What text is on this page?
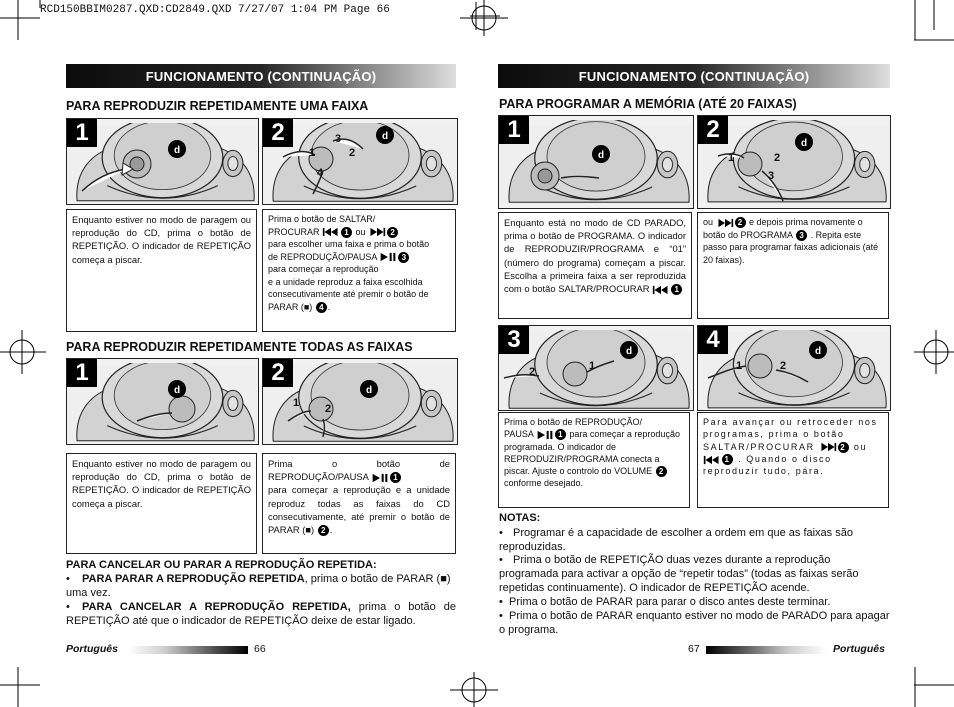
RCD150BBIM0287.QXD:CD2849.QXD 7/27/07 1:04 PM Page 66
FUNCIONAMENTO (CONTINUAÇÃO)
PARA REPRODUZIR REPETIDAMENTE UMA FAIXA
1
1	2
3
4
2
Enquanto estiver no modo de paragem ou reprodução do CD, prima o botão de REPETIÇÃO. O indicador de REPETIÇÃO começa a piscar.
Prima o botão de SALTAR/
PROCURAR	1 ou	2
para escolher uma faixa e prima o botão
de REPRODUÇÃO/PAUSA	3
para começar a reprodução
e a unidade reproduz a faixa escolhida consecutivamente até premir o botão de PARAR (■) 4 .
PARA REPRODUZIR REPETIDAMENTE TODAS AS FAIXAS
1
1 2
2
Enquanto estiver no modo de paragem ou reprodução do CD, prima o botão de REPETIÇÃO. O indicador de REPETIÇÃO começa a piscar.
Prima o botão de
REPRODUÇÃO/PAUSA	1
para começar a reprodução e a unidade reproduz todas as faixas do CD consecutivamente, até premir o botão de PARAR (■) 2 .
PARA CANCELAR OU PARAR A REPRODUÇÃO REPETIDA:
• PARA PARAR A REPRODUÇÃO REPETIDA, prima o botão de PARAR (■) uma vez.
• PARA CANCELAR A REPRODUÇÃO REPETIDA, prima o botão de REPETIÇÃO até que o indicador de REPETIÇÃO deixe de estar ligado.
Português	66
FUNCIONAMENTO (CONTINUAÇÃO)
PARA PROGRAMAR A MEMÓRIA (ATÉ 20 FAIXAS)
1
1	2
3
2
Enquanto está no modo de CD PARADO, prima o botão de PROGRAMA. O indicador de REPRODUZIR/PROGRAMA e “01” (número do programa) começam a piscar. Escolha a primeira faixa a ser reproduzida com o botão SALTAR/PROCURAR	1
ou	2 e depois prima novamente o botão do PROGRAMA 3 . Repita este passo para programar faixas adicionais (até 20 faixas).
2	1
3
1	2
4
Prima o botão de REPRODUÇÃO/
PAUSA	1 para começar a reprodução programada. O indicador de REPRODUZIR/PROGRAMA conecta a piscar. Ajuste o controlo do VOLUME 2 conforme desejado.
Para avançar ou retroceder nos programas, prima o botão SALTAR/PROCURAR	2 ou 1 . Quando o disco reproduzir tudo, pára.
NOTAS:
• Programar é a capacidade de escolher a ordem em que as faixas são reproduzidas.
• Prima o botão de REPETIÇÃO duas vezes durante a reprodução programada para activar a opção de “repetir todas” (todas as faixas serão repetidas continuamente). O indicador de REPETIÇÃO acende.
• Prima o botão de PARAR para parar o disco antes deste terminar.
• Prima o botão de PARAR enquanto estiver no modo de PARADO para apagar o programa.
67	Português
